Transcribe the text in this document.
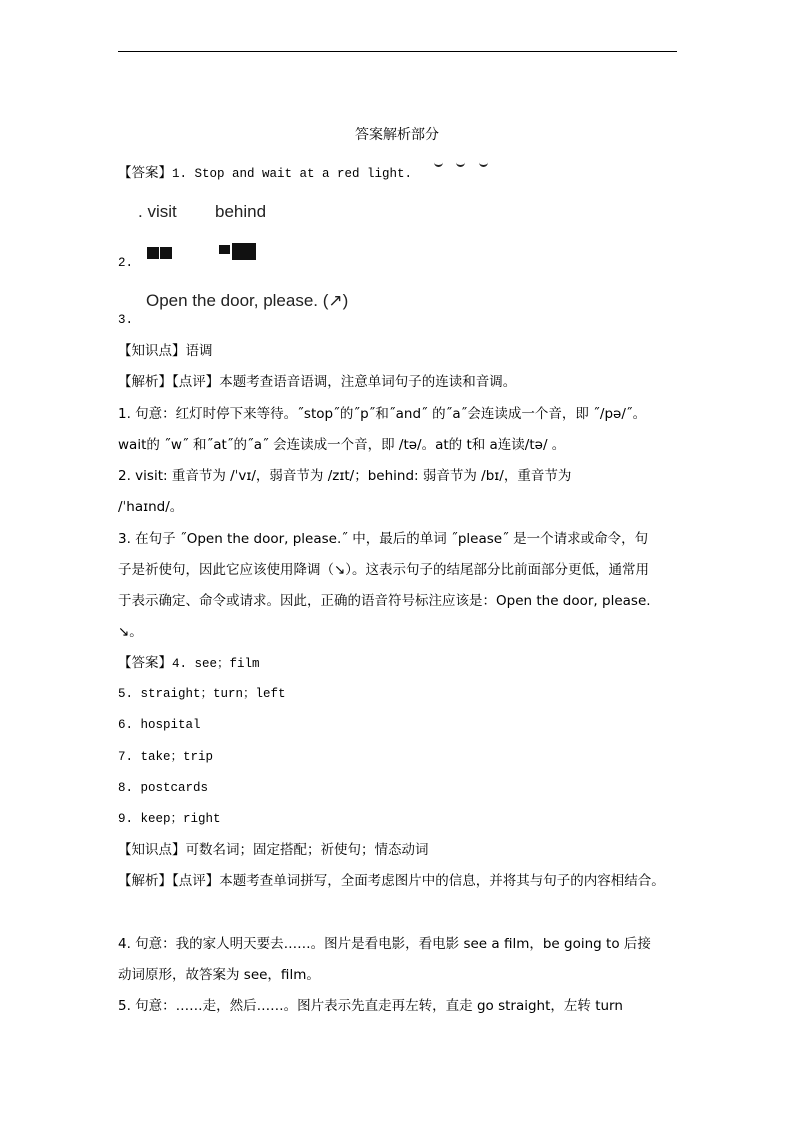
答案解析部分
【答案】1. Stop and wait at a red light.
. visit behind
2.
Open the door, please. (↗)
3.
【知识点】语调
【解析】【点评】本题考查语音语调，注意单词句子的连读和音调。
1. 句意：红灯时停下来等待。˝stop˝的˝p˝和˝and˝ 的˝a˝会连读成一个音，即 ˝/pə/˝。
wait的 ˝w˝ 和˝at˝的˝a˝ 会连读成一个音，即 /tə/。at的 t和 a连读/tə/ 。
2. visit: 重音节为 /ˈvɪ/，弱音节为 /zɪt/；behind: 弱音节为 /bɪ/，重音节为
/ˈhaɪnd/。
3. 在句子 ˝Open the door, please.˝ 中，最后的单词 ˝please˝ 是一个请求或命令，句
子是祈使句，因此它应该使用降调（↘）。这表示句子的结尾部分比前面部分更低，通常用
于表示确定、命令或请求。因此，正确的语音符号标注应该是：Open the door, please.
↘。
【答案】4. see；film
5. straight；turn；left
6. hospital
7. take；trip
8. postcards
9. keep；right
【知识点】可数名词；固定搭配；祈使句；情态动词
【解析】【点评】本题考查单词拼写，全面考虑图片中的信息，并将其与句子的内容相结合。
4. 句意：我的家人明天要去……。图片是看电影，看电影 see a film，be going to 后接
动词原形，故答案为 see，film。
5. 句意：……走，然后……。图片表示先直走再左转，直走 go straight，左转 turn
